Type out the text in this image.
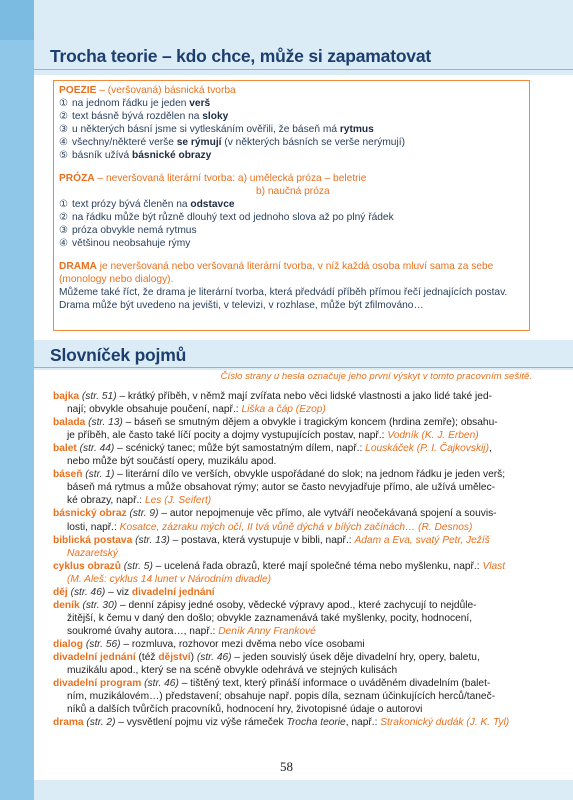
Trocha teorie – kdo chce, může si zapamatovat
POEZIE – (veršovaná) básnická tvorba
① na jednom řádku je jeden verš
② text básně bývá rozdělen na sloky
③ u některých básní jsme si vytleskáním ověřili, že báseň má rytmus
④ všechny/některé verše se rýmují (v některých básních se verše nerýmují)
⑤ básník užívá básnické obrazy
PRÓZA – neveršovaná literární tvorba: a) umělecká próza – beletrie
b) naučná próza
① text prózy bývá členěn na odstavce
② na řádku může být různě dlouhý text od jednoho slova až po plný řádek
③ próza obvykle nemá rytmus
④ většinou neobsahuje rýmy
DRAMA je neveršovaná nebo veršovaná literární tvorba, v níž každá osoba mluví sama za sebe
(monology nebo dialogy).
Můžeme také říct, že drama je literární tvorba, která předvádí příběh přímou řečí jednajících postav.
Drama může být uvedeno na jevišti, v televizi, v rozhlase, může být zfilmováno…
Slovníček pojmů
Číslo strany u hesla označuje jeho první výskyt v tomto pracovním sešitě.
bajka (str. 51) – krátký příběh, v němž mají zvířata nebo věci lidské vlastnosti a jako lidé také jed-
nají; obvykle obsahuje poučení, např.: Liška a čáp (Ezop)
balada (str. 13) – báseň se smutným dějem a obvykle i tragickým koncem (hrdina zemře); obsahu-
je příběh, ale často také líčí pocity a dojmy vystupujících postav, např.: Vodník (K. J. Erben)
balet (str. 44) – scénický tanec; může být samostatným dílem, např.: Louskáček (P. I. Čajkovskij),
nebo může být součástí opery, muzikálu apod.
báseň (str. 1) – literární dílo ve verších, obvykle uspořádané do slok; na jednom řádku je jeden verš;
báseň má rytmus a může obsahovat rýmy; autor se často nevyjadřuje přímo, ale užívá umělec-
ké obrazy, např.: Les (J. Seifert)
básnický obraz (str. 9) – autor nepojmenuje věc přímo, ale vytváří neočekávaná spojení a souvis-
losti, např.: Kosatce, zázraku mých očí, II tvá vůně dýchá v bílých začínách… (R. Desnos)
biblická postava (str. 13) – postava, která vystupuje v bibli, např.: Adam a Eva, svatý Petr, Ježíš
Nazaretský
cyklus obrazů (str. 5) – ucelená řada obrazů, které mají společné téma nebo myšlenku, např.: Vlast
(M. Aleš: cyklus 14 lunet v Národním divadle)
děj (str. 46) – viz divadelní jednání
deník (str. 30) – denní zápisy jedné osoby, vědecké výpravy apod., které zachycují to nejdůle-
žitější, k čemu v daný den došlo; obvykle zaznamenává také myšlenky, pocity, hodnocení,
soukromé úvahy autora…, např.: Deník Anny Frankové
dialog (str. 56) – rozmluva, rozhovor mezi dvěma nebo více osobami
divadelní jednání (též dějství) (str. 46) – jeden souvislý úsek děje divadelní hry, opery, baletu,
muzikálu apod., který se na scéně obvykle odehrává ve stejných kulisách
divadelní program (str. 46) – tištěný text, který přináší informace o uváděném divadelním (balet-
ním, muzikálovém…) představení; obsahuje např. popis díla, seznam účinkujících herců/taneč-
níků a dalších tvůrčích pracovníků, hodnocení hry, životopisné údaje o autorovi
drama (str. 2) – vysvětlení pojmu viz výše rámeček Trocha teorie, např.: Strakonický dudák (J. K. Tyl)
58
